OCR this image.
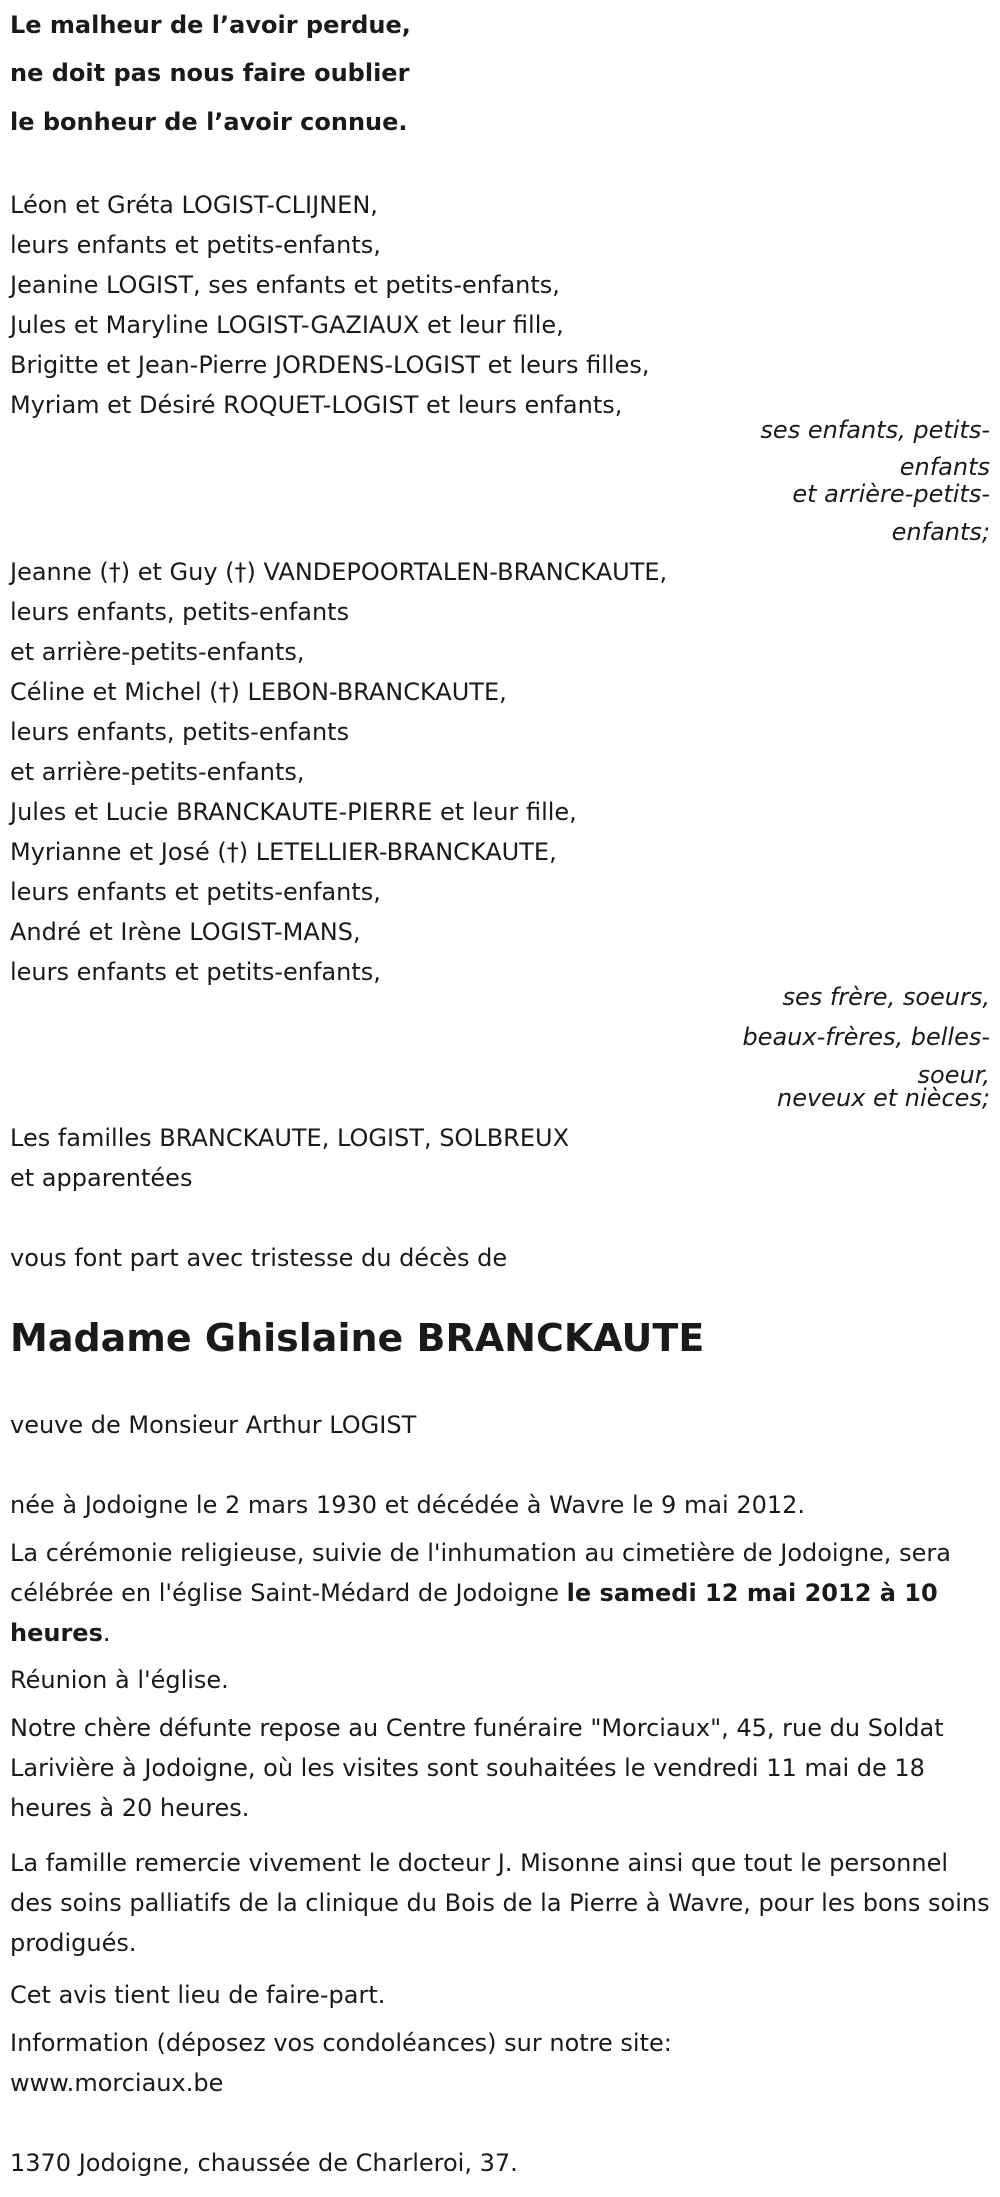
Le malheur de l’avoir perdue,

ne doit pas nous faire oublier

le bonheur de l’avoir connue.

Léon et Gréta LOGIST-CLIJNEN,

leurs enfants et petits-enfants,

Jeanine LOGIST, ses enfants et petits-enfants,

Jules et Maryline LOGIST-GAZIAUX et leur fille,

Brigitte et Jean-Pierre JORDENS-LOGIST et leurs filles,

Myriam et Désiré ROQUET-LOGIST et leurs enfants,

ses enfants, petits-

enfants

et arrière-petits-

enfants;

Jeanne (†) et Guy (†) VANDEPOORTALEN-BRANCKAUTE,

leurs enfants, petits-enfants

et arrière-petits-enfants,

Céline et Michel (†) LEBON-BRANCKAUTE,

leurs enfants, petits-enfants

et arrière-petits-enfants,

Jules et Lucie BRANCKAUTE-PIERRE et leur fille,

Myrianne et José (†) LETELLIER-BRANCKAUTE,

leurs enfants et petits-enfants,

André et Irène LOGIST-MANS,

leurs enfants et petits-enfants,

ses frère, soeurs,

beaux-frères, belles-

soeur,

neveux et nièces;

Les familles BRANCKAUTE, LOGIST, SOLBREUX

et apparentées

vous font part avec tristesse du décès de

Madame Ghislaine BRANCKAUTE

veuve de Monsieur Arthur LOGIST

née à Jodoigne le 2 mars 1930 et décédée à Wavre le 9 mai 2012.

La cérémonie religieuse, suivie de l'inhumation au cimetière de Jodoigne, sera célébrée en l'église Saint-Médard de Jodoigne le samedi 12 mai 2012 à 10 heures.

Réunion à l'église.

Notre chère défunte repose au Centre funéraire "Morciaux", 45, rue du Soldat Larivière à Jodoigne, où les visites sont souhaitées le vendredi 11 mai de 18 heures à 20 heures.

La famille remercie vivement le docteur J. Misonne ainsi que tout le personnel des soins palliatifs de la clinique du Bois de la Pierre à Wavre, pour les bons soins prodigués.

Cet avis tient lieu de faire-part.

Information (déposez vos condoléances) sur notre site:

www.morciaux.be

1370 Jodoigne, chaussée de Charleroi, 37.
